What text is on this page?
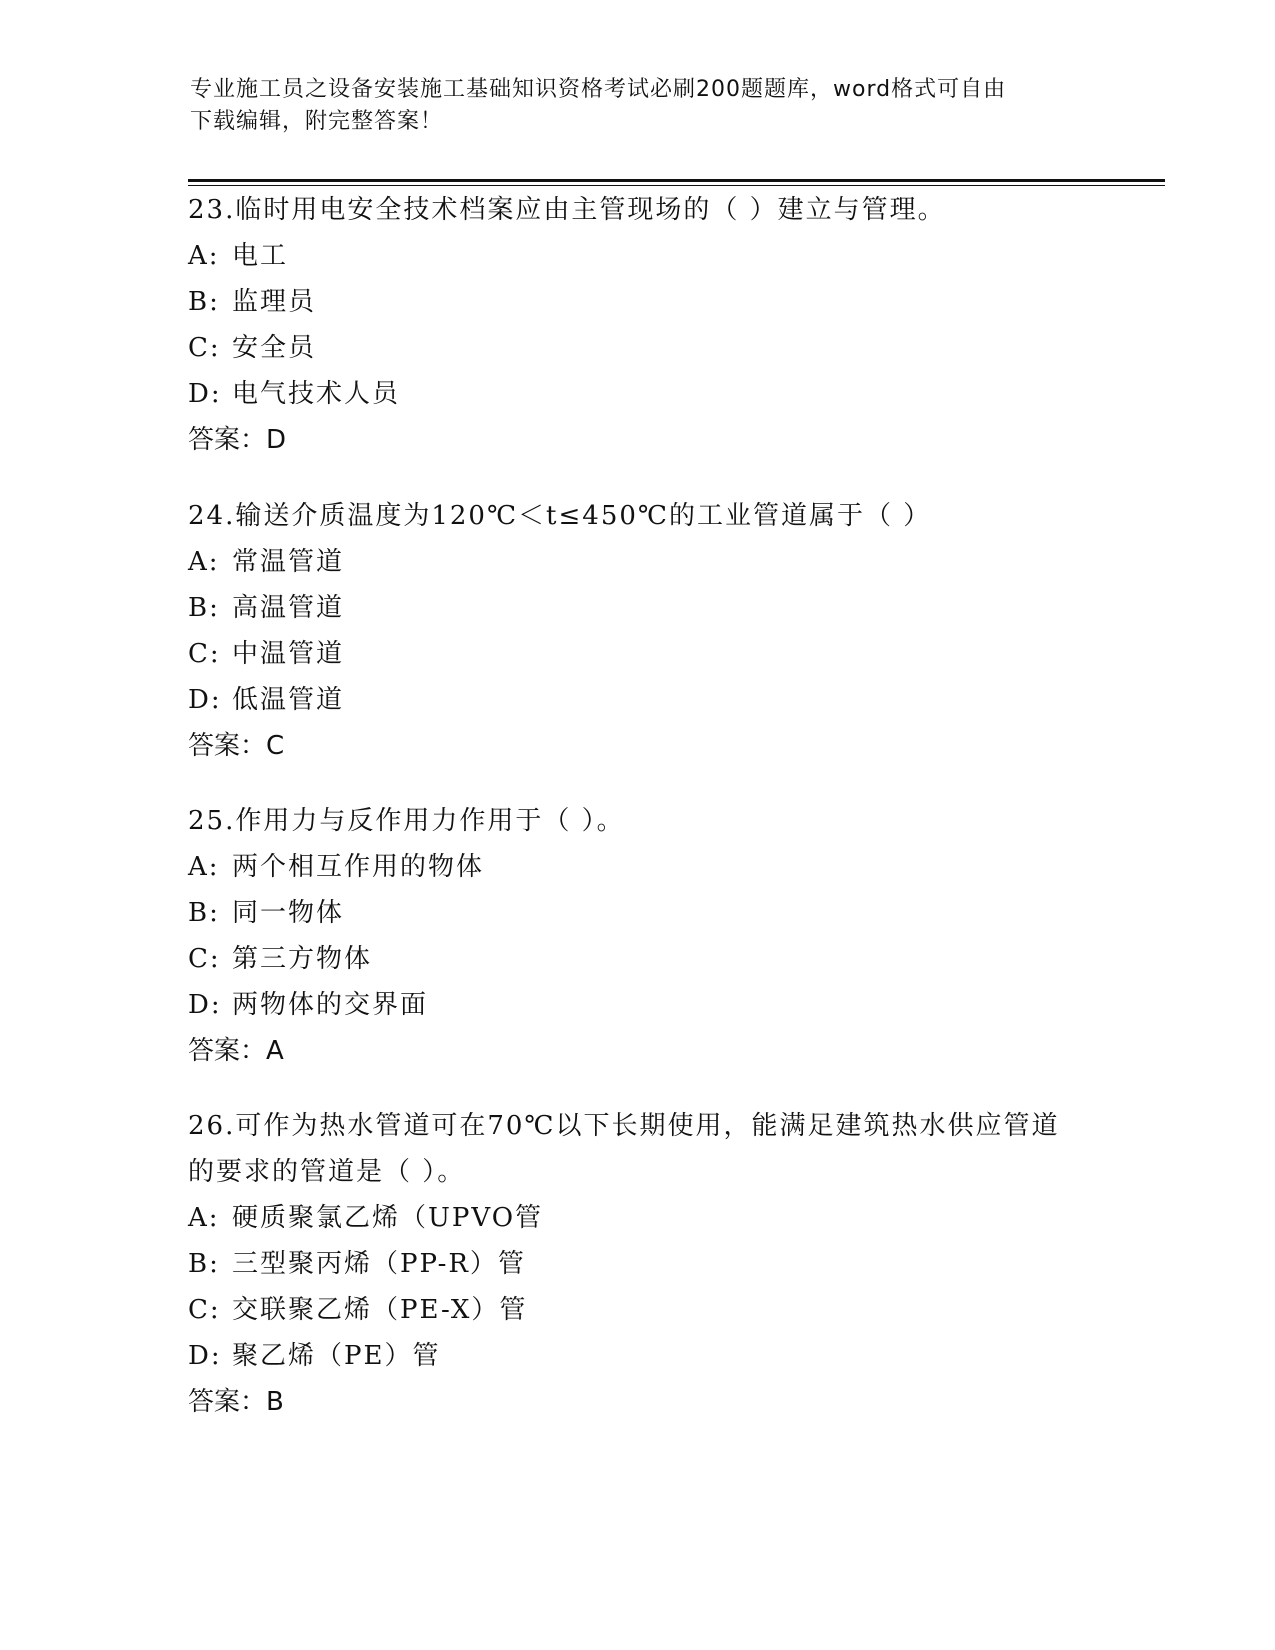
专业施工员之设备安装施工基础知识资格考试必刷200题题库，word格式可自由
下载编辑，附完整答案！

23.临时用电安全技术档案应由主管现场的（ ）建立与管理。

A: 电工

B: 监理员

C: 安全员

D: 电气技术人员

答案：D

24.输送介质温度为120℃＜t≤450℃的工业管道属于（ ）

A: 常温管道

B: 高温管道

C: 中温管道

D: 低温管道

答案：C

25.作用力与反作用力作用于（ ）。

A: 两个相互作用的物体

B: 同一物体

C: 第三方物体

D: 两物体的交界面

答案：A

26.可作为热水管道可在70℃以下长期使用，能满足建筑热水供应管道

的要求的管道是（ ）。

A: 硬质聚氯乙烯（UPVO管

B: 三型聚丙烯（PP-R）管

C: 交联聚乙烯（PE-X）管

D: 聚乙烯（PE）管

答案：B
